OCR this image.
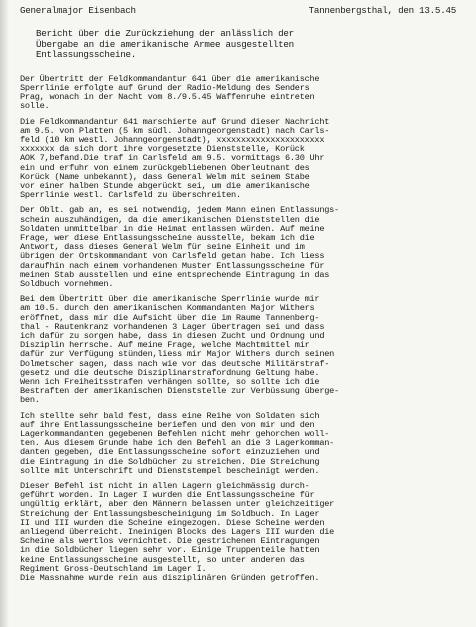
Generalmajor Eisenbach	Tannenbergsthal, den 13.5.45
Bericht über die Zurückziehung der anlässlich der
Übergabe an die amerikanische Armee ausgestellten
Entlassungsscheine.
Der Übertritt der Feldkommandantur 641 über die amerikanische
Sperrlinie erfolgte auf Grund der Radio-Meldung des Senders
Prag, wonach in der Nacht vom 8./9.5.45 Waffenruhe eintreten
solle.
Die Feldkommandantur 641 marschierte auf Grund dieser Nachricht
am 9.5. von Platten (5 km südl. Johanngeorgenstadt) nach Carls-
feld (10 km westl. Johanngeorgenstadt), xxxxxxxxxxxxxxxxxxxxxx
xxxxxxx da sich dort ihre vorgesetzte Dienststelle, Korück
AOK 7,befand.Die traf in Carlsfeld am 9.5. vormittags 6.30 Uhr
ein und erfuhr von einem zurückgebliebenen Oberleutnant des
Korück (Name unbekannt), dass General Welm mit seinem Stabe
vor einer halben Stunde abgerückt sei, um die amerikanische
Sperrlinie westl. Carlsfeld zu überschreiten.
Der Oblt. gab an, es sei notwendig, jedem Mann einen Entlassungs-
schein auszuhändigen, da die amerikanischen Dienststellen die
Soldaten unmittelbar in die Heimat entlassen würden. Auf meine
Frage, wer diese Entlassungsscheine ausstelle, bekam ich die
Antwort, dass dieses General Welm für seine Einheit und im
übrigen der Ortskommandant von Carlsfeld getan habe. Ich liess
daraufhin nach einem vorhandenen Muster Entlassungsscheine für
meinen Stab ausstellen und eine entsprechende Eintragung in das
Soldbuch vornehmen.
Bei dem Übertritt über die amerikanische Sperrlinie wurde mir
am 10.5. durch den amerikanischen Kommandanten Major Withers
eröffnet, dass mir die Aufsicht über die im Raume Tannenberg-
thal - Rautenkranz vorhandenen 3 Lager übertragen sei und dass
ich dafür zu sorgen habe, dass in diesen Zucht und Ordnung und
Disziplin herrsche. Auf meine Frage, welche Machtmittel mir
dafür zur Verfügung stünden,liess mir Major Withers durch seinen
Dolmetscher sagen, dass nach wie vor das deutsche Militärstraf-
gesetz und die deutsche Disziplinarstrafordnung Geltung habe.
Wenn ich Freiheitsstrafen verhängen sollte, so sollte ich die
Bestraften der amerikanischen Dienststelle zur Verbüssung überge-
ben.
Ich stellte sehr bald fest, dass eine Reihe von Soldaten sich
auf ihre Entlassungsscheine beriefen und den von mir und den
Lagerkommandanten gegebenen Befehlen nicht mehr gehorchen woll-
ten. Aus diesem Grunde habe ich den Befehl an die 3 Lagerkomman-
danten gegeben, die Entlassungsscheine sofort einzuziehen und
die Eintragung in die Soldbücher zu streichen. Die Streichung
sollte mit Unterschrift und Dienststempel bescheinigt werden.
Dieser Befehl ist nicht in allen Lagern gleichmässig durch-
geführt worden. In Lager I wurden die Entlassungsscheine für
ungültig erklärt, aber den Männern belassen unter gleichzeitiger
Streichung der Entlassungsbescheinigung im Soldbuch. In Lager
II und III wurden die Scheine eingezogen. Diese Scheine werden
anliegend überreicht. Ineinigen Blocks des Lagers III wurden die
Scheine als wertlos vernichtet. Die gestrichenen Eintragungen
in die Soldbücher liegen sehr vor. Einige Truppenteile hatten
keine Entlassungsscheine ausgestellt, so unter anderen das
Regiment Gross-Deutschland im Lager I.
Die Massnahme wurde rein aus disziplinären Gründen getroffen.
